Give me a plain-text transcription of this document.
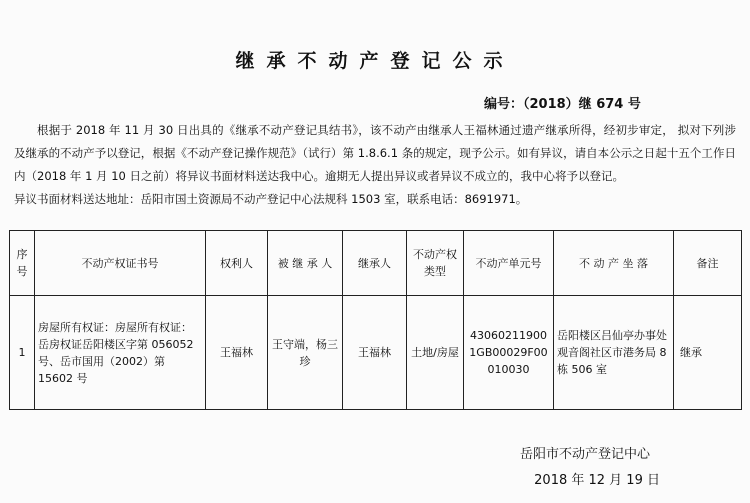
继承不动产登记公示
编号：（2018）继 674 号

根据于 2018 年 11 月 30 日出具的《继承不动产登记具结书》，该不动产由继承人王福林通过遗产继承所得，经初步审定， 拟对下列涉及继承的不动产予以登记，根据《不动产登记操作规范》（试行）第 1.8.6.1 条的规定，现予公示。如有异议，请自本公示之日起十五个工作日内（2018 年 1 月 10 日之前）将异议书面材料送达我中心。逾期无人提出异议或者异议不成立的，我中心将予以登记。

异议书面材料送达地址：岳阳市国土资源局不动产登记中心法规科 1503 室，联系电话：8691971。

序号	不动产权证书号	权利人	被 继 承 人	继承人	不动产权类型	不动产单元号	不 动 产 坐 落	备注
1	房屋所有权证：房屋所有权证：岳房权证岳阳楼区字第 056052 号、岳市国用（2002）第 15602 号	王福林	王守端，杨三珍	王福林	土地/房屋	430602119001GB00029F00010030	岳阳楼区吕仙亭办事处观音阁社区市港务局 8 栋 506 室	继承
岳阳市不动产登记中心
2018 年 12 月 19 日
